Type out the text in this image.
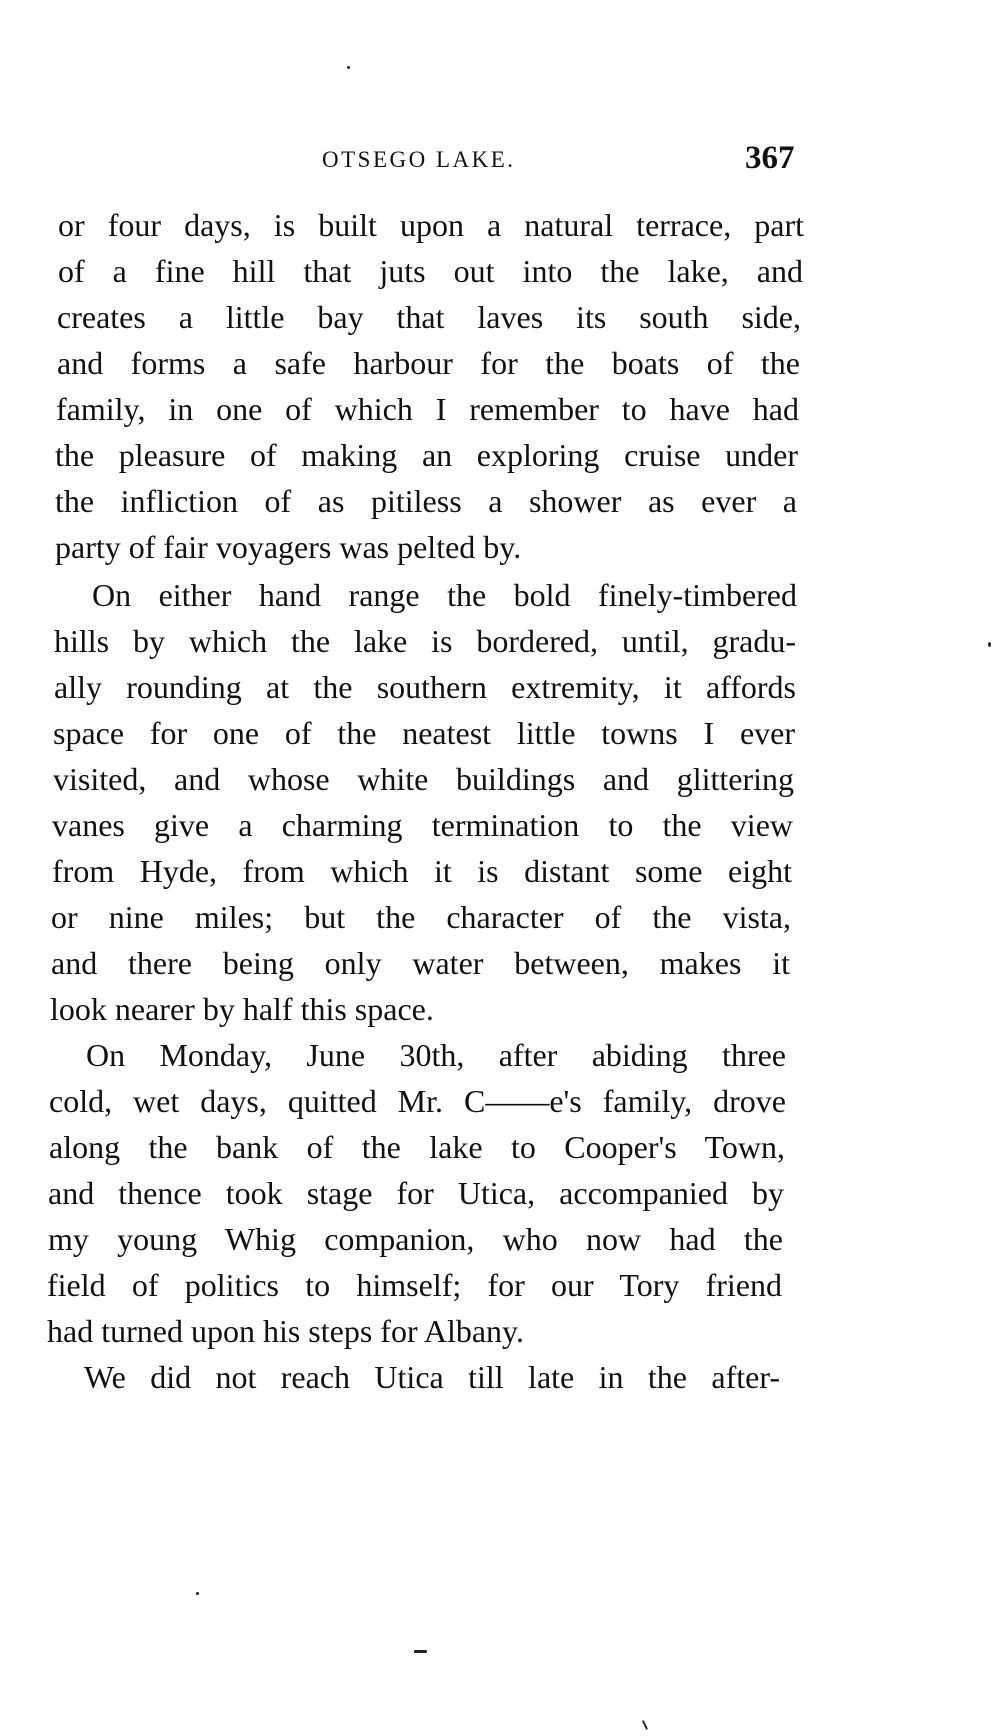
OTSEGO LAKE.	367
or four days, is built upon a natural terrace, part
of a fine hill that juts out into the lake, and
creates a little bay that laves its south side,
and forms a safe harbour for the boats of the
family, in one of which I remember to have had
the pleasure of making an exploring cruise under
the infliction of as pitiless a shower as ever a
party of fair voyagers was pelted by.
On either hand range the bold finely-timbered
hills by which the lake is bordered, until, gradu-
ally rounding at the southern extremity, it affords
space for one of the neatest little towns I ever
visited, and whose white buildings and glittering
vanes give a charming termination to the view
from Hyde, from which it is distant some eight
or nine miles; but the character of the vista,
and there being only water between, makes it
look nearer by half this space.
On Monday, June 30th, after abiding three
cold, wet days, quitted Mr. C——e's family, drove
along the bank of the lake to Cooper's Town,
and thence took stage for Utica, accompanied by
my young Whig companion, who now had the
field of politics to himself; for our Tory friend
had turned upon his steps for Albany.
We did not reach Utica till late in the after-
